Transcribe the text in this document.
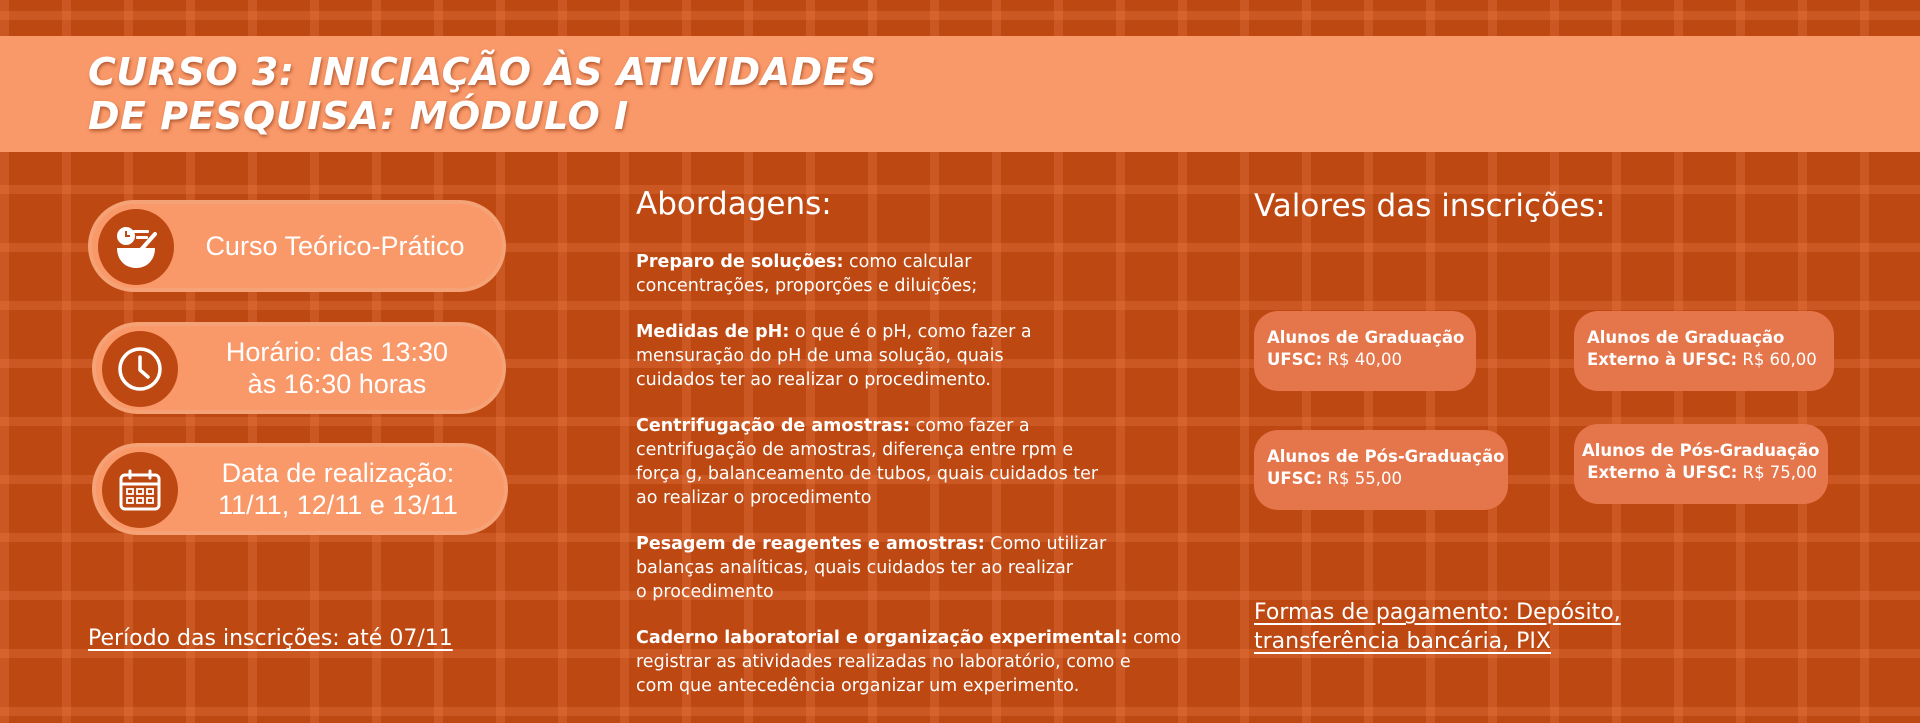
CURSO 3: INICIAÇÃO ÀS ATIVIDADES
DE PESQUISA: MÓDULO I
Curso Teórico-Prático
Horário: das 13:30
às 16:30 horas
Data de realização:
11/11, 12/11 e 13/11
Período das inscrições: até 07/11
Abordagens:
Preparo de soluções: como calcular
concentrações, proporções e diluições;
Medidas de pH: o que é o pH, como fazer a
mensuração do pH de uma solução, quais
cuidados ter ao realizar o procedimento.
Centrifugação de amostras: como fazer a
centrifugação de amostras, diferença entre rpm e
força g, balanceamento de tubos, quais cuidados ter
ao realizar o procedimento
Pesagem de reagentes e amostras: Como utilizar
balanças analíticas, quais cuidados ter ao realizar
o procedimento
Caderno laboratorial e organização experimental: como
registrar as atividades realizadas no laboratório, como e
com que antecedência organizar um experimento.
Valores das inscrições:
Alunos de Graduação
UFSC: R$ 40,00
Alunos de Graduação
Externo à UFSC: R$ 60,00
Alunos de Pós-Graduação
UFSC: R$ 55,00
Alunos de Pós-Graduação
Externo à UFSC: R$ 75,00
Formas de pagamento: Depósito,
transferência bancária, PIX
